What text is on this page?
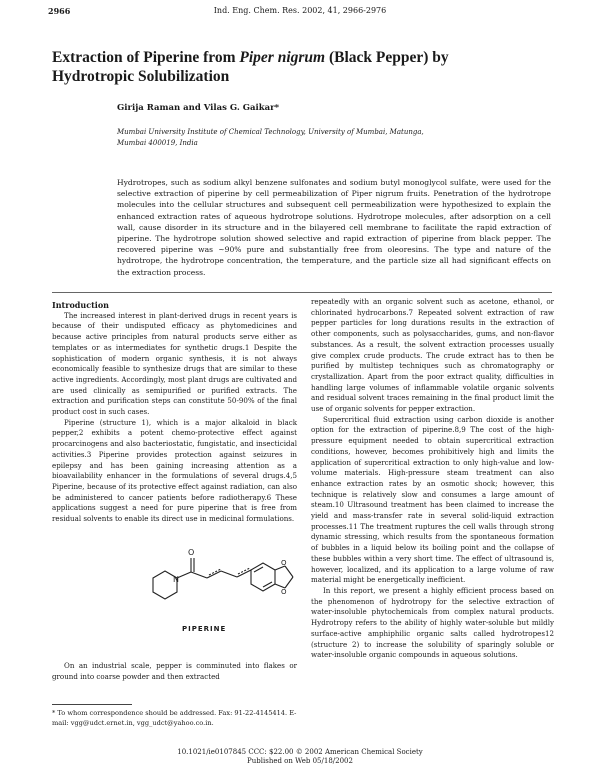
2966	Ind. Eng. Chem. Res. 2002, 41, 2966-2976
Extraction of Piperine from Piper nigrum (Black Pepper) by Hydrotropic Solubilization
Girija Raman and Vilas G. Gaikar*
Mumbai University Institute of Chemical Technology, University of Mumbai, Matunga,
Mumbai 400019, India
Hydrotropes, such as sodium alkyl benzene sulfonates and sodium butyl monoglycol sulfate, were used for the selective extraction of piperine by cell permeabilization of Piper nigrum fruits. Penetration of the hydrotrope molecules into the cellular structures and subsequent cell permeabilization were hypothesized to explain the enhanced extraction rates of aqueous hydrotrope solutions. Hydrotrope molecules, after adsorption on a cell wall, cause disorder in its structure and in the bilayered cell membrane to facilitate the rapid extraction of piperine. The hydrotrope solution showed selective and rapid extraction of piperine from black pepper. The recovered piperine was ~90% pure and substantially free from oleoresins. The type and nature of the hydrotrope, the hydrotrope concentration, the temperature, and the particle size all had significant effects on the extraction process.

Introduction

The increased interest in plant-derived drugs in recent years is because of their undisputed efficacy as phytomedicines and because active principles from natural products serve either as templates or as intermediates for synthetic drugs.1 Despite the sophistication of modern organic synthesis, it is not always economically feasible to synthesize drugs that are similar to these active ingredients. Accordingly, most plant drugs are cultivated and are used clinically as semipurified or purified extracts. The extraction and purification steps can constitute 50-90% of the final product cost in such cases.

Piperine (structure 1), which is a major alkaloid in black pepper,2 exhibits a potent chemo-protective effect against procarcinogens and also bacteriostatic, fungistatic, and insecticidal activities.3 Piperine provides protection against seizures in epilepsy and has been gaining increasing attention as a bioavailability enhancer in the formulations of several drugs.4,5 Piperine, because of its protective effect against radiation, can also be administered to cancer patients before radiotherapy.6 These applications suggest a need for pure piperine that is free from residual solvents to enable its direct use in medicinal formulations.

N
O
O
O
PIPERINE

On an industrial scale, pepper is comminuted into flakes or ground into coarse powder and then extracted

* To whom correspondence should be addressed. Fax: 91-22-4145414. E-mail: vgg@udct.ernet.in, vgg_udct@yahoo.co.in.

repeatedly with an organic solvent such as acetone, ethanol, or chlorinated hydrocarbons.7 Repeated solvent extraction of raw pepper particles for long durations results in the extraction of other components, such as polysaccharides, gums, and non-flavor substances. As a result, the solvent extraction processes usually give complex crude products. The crude extract has to then be purified by multistep techniques such as chromatography or crystallization. Apart from the poor extract quality, difficulties in handling large volumes of inflammable volatile organic solvents and residual solvent traces remaining in the final product limit the use of organic solvents for pepper extraction.

Supercritical fluid extraction using carbon dioxide is another option for the extraction of piperine.8,9 The cost of the high-pressure equipment needed to obtain supercritical extraction conditions, however, becomes prohibitively high and limits the application of supercritical extraction to only high-value and low-volume materials. High-pressure steam treatment can also enhance extraction rates by an osmotic shock; however, this technique is relatively slow and consumes a large amount of steam.10 Ultrasound treatment has been claimed to increase the yield and mass-transfer rate in several solid-liquid extraction processes.11 The treatment ruptures the cell walls through strong dynamic stressing, which results from the spontaneous formation of bubbles in a liquid below its boiling point and the collapse of these bubbles within a very short time. The effect of ultrasound is, however, localized, and its application to a large volume of raw material might be energetically inefficient.

In this report, we present a highly efficient process based on the phenomenon of hydrotropy for the selective extraction of water-insoluble phytochemicals from complex natural products. Hydrotropy refers to the ability of highly water-soluble but mildly surface-active amphiphilic organic salts called hydrotropes12 (structure 2) to increase the solubility of sparingly soluble or water-insoluble organic compounds in aqueous solutions.

10.1021/ie0107845 CCC: $22.00 © 2002 American Chemical Society
Published on Web 05/18/2002
